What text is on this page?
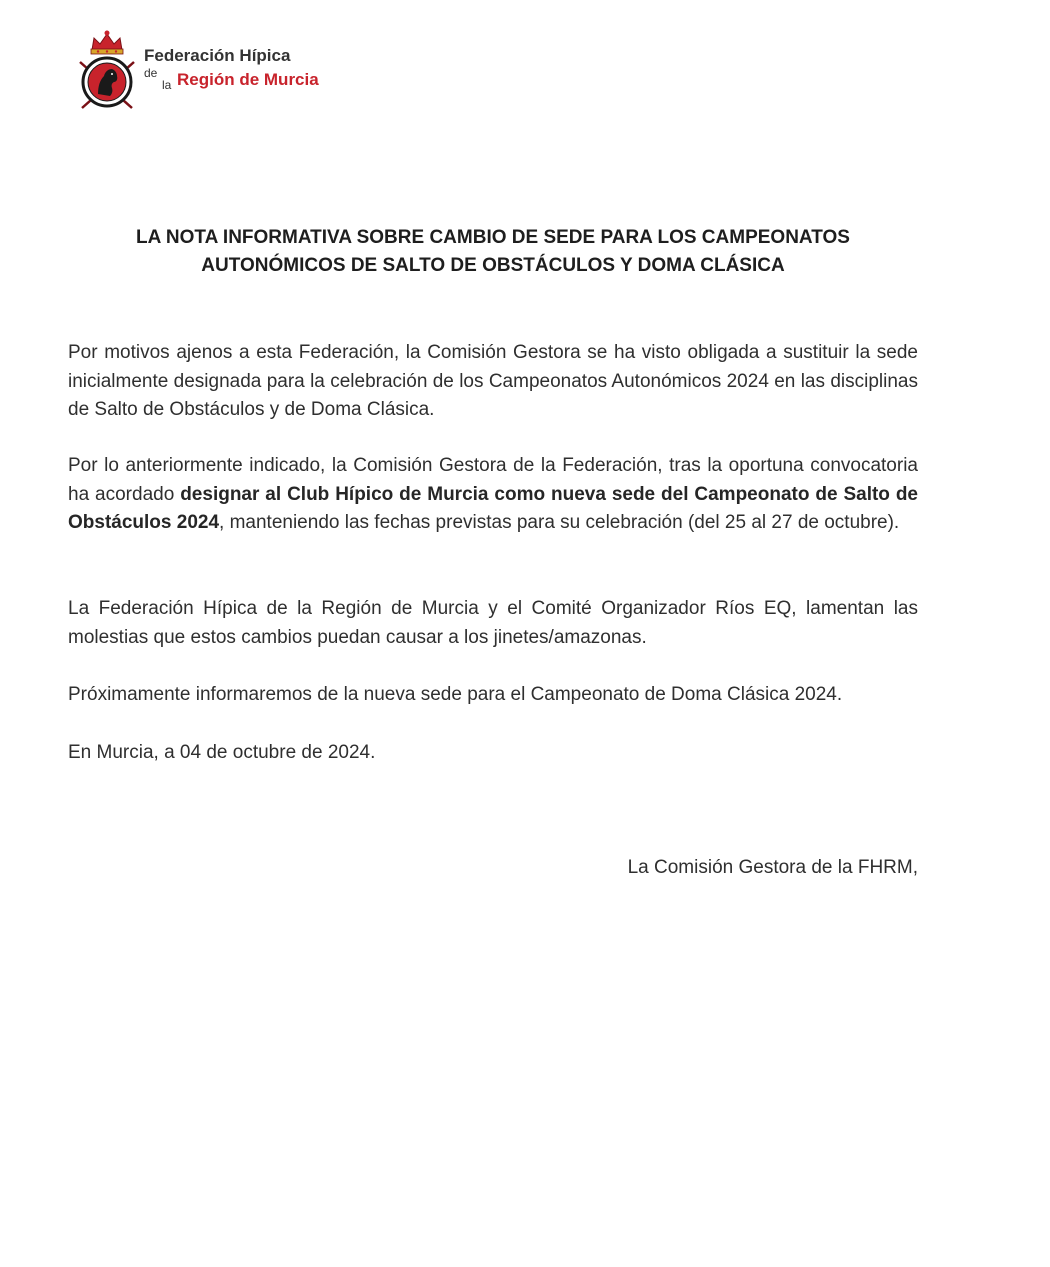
Federación Hípica
de
la Región de Murcia
LA NOTA INFORMATIVA SOBRE CAMBIO DE SEDE PARA LOS CAMPEONATOS
AUTONÓMICOS DE SALTO DE OBSTÁCULOS Y DOMA CLÁSICA

Por motivos ajenos a esta Federación, la Comisión Gestora se ha visto obligada a sustituir la sede inicialmente designada para la celebración de los Campeonatos Autonómicos 2024 en las disciplinas de Salto de Obstáculos y de Doma Clásica.

Por lo anteriormente indicado, la Comisión Gestora de la Federación, tras la oportuna convocatoria ha acordado designar al Club Hípico de Murcia como nueva sede del Campeonato de Salto de Obstáculos 2024, manteniendo las fechas previstas para su celebración (del 25 al 27 de octubre).

La Federación Hípica de la Región de Murcia y el Comité Organizador Ríos EQ, lamentan las molestias que estos cambios puedan causar a los jinetes/amazonas.

Próximamente informaremos de la nueva sede para el Campeonato de Doma Clásica 2024.

En Murcia, a 04 de octubre de 2024.

La Comisión Gestora de la FHRM,
